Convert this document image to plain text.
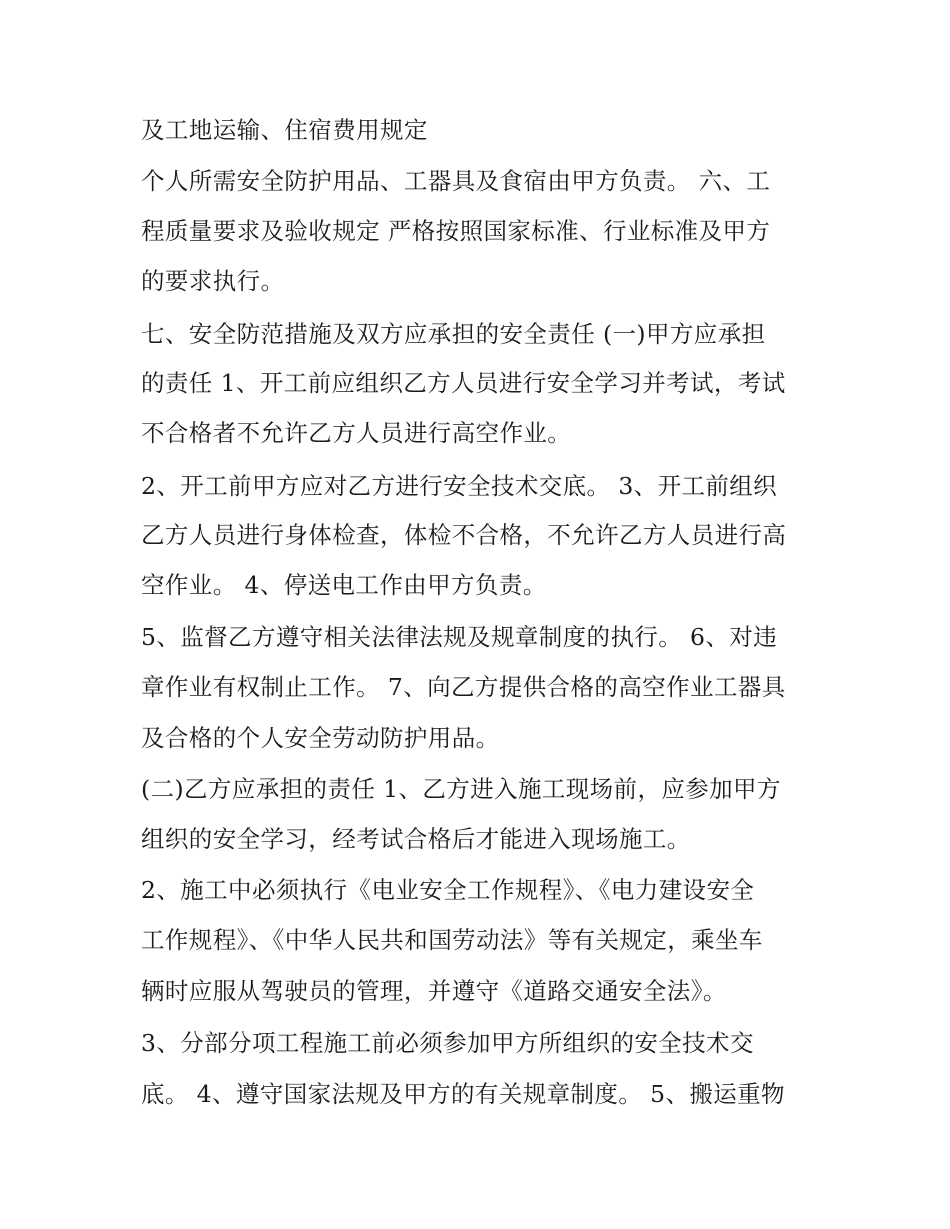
及工地运输、住宿费用规定
个人所需安全防护用品、工器具及食宿由甲方负责。 六、工
程质量要求及验收规定 严格按照国家标准、行业标准及甲方
的要求执行。
七、安全防范措施及双方应承担的安全责任 (一)甲方应承担
的责任 1、开工前应组织乙方人员进行安全学习并考试，考试
不合格者不允许乙方人员进行高空作业。
2、开工前甲方应对乙方进行安全技术交底。 3、开工前组织
乙方人员进行身体检查，体检不合格，不允许乙方人员进行高
空作业。 4、停送电工作由甲方负责。
5、监督乙方遵守相关法律法规及规章制度的执行。 6、对违
章作业有权制止工作。 7、向乙方提供合格的高空作业工器具
及合格的个人安全劳动防护用品。
(二)乙方应承担的责任 1、乙方进入施工现场前，应参加甲方
组织的安全学习，经考试合格后才能进入现场施工。
2、施工中必须执行《电业安全工作规程》、《电力建设安全
工作规程》、《中华人民共和国劳动法》等有关规定，乘坐车
辆时应服从驾驶员的管理，并遵守《道路交通安全法》。
3、分部分项工程施工前必须参加甲方所组织的安全技术交
底。 4、遵守国家法规及甲方的有关规章制度。 5、搬运重物
